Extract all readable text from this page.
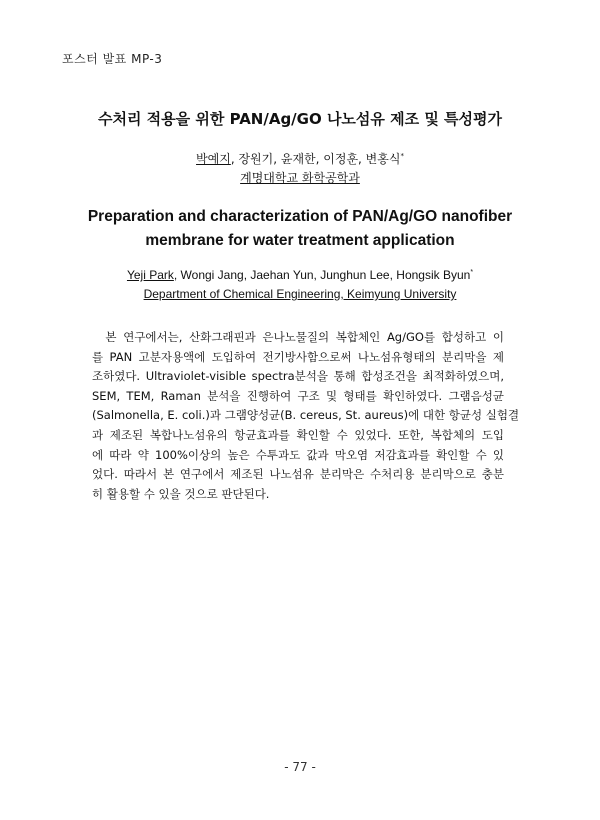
포스터 발표 MP-3
수처리 적용을 위한 PAN/Ag/GO 나노섬유 제조 및 특성평가
박예지, 장원기, 윤재한, 이정훈, 변홍식*
계명대학교 화학공학과
Preparation and characterization of PAN/Ag/GO nanofiber
membrane for water treatment application
Yeji Park, Wongi Jang, Jaehan Yun, Junghun Lee, Hongsik Byun*
Department of Chemical Engineering, Keimyung University
본 연구에서는, 산화그래핀과 은나노물질의 복합체인 Ag/GO를 합성하고 이
를 PAN 고분자용액에 도입하여 전기방사함으로써 나노섬유형태의 분리막을 제
조하였다. Ultraviolet-visible spectra분석을 통해 합성조건을 최적화하였으며,
SEM, TEM, Raman 분석을 진행하여 구조 및 형태를 확인하였다. 그램음성균
(Salmonella, E. coli.)과 그램양성균(B. cereus, St. aureus)에 대한 항균성 실험결
과 제조된 복합나노섬유의 항균효과를 확인할 수 있었다. 또한, 복합체의 도입
에 따라 약 100%이상의 높은 수투과도 값과 막오염 저감효과를 확인할 수 있
었다. 따라서 본 연구에서 제조된 나노섬유 분리막은 수처리용 분리막으로 충분
히 활용할 수 있을 것으로 판단된다.
- 77 -
